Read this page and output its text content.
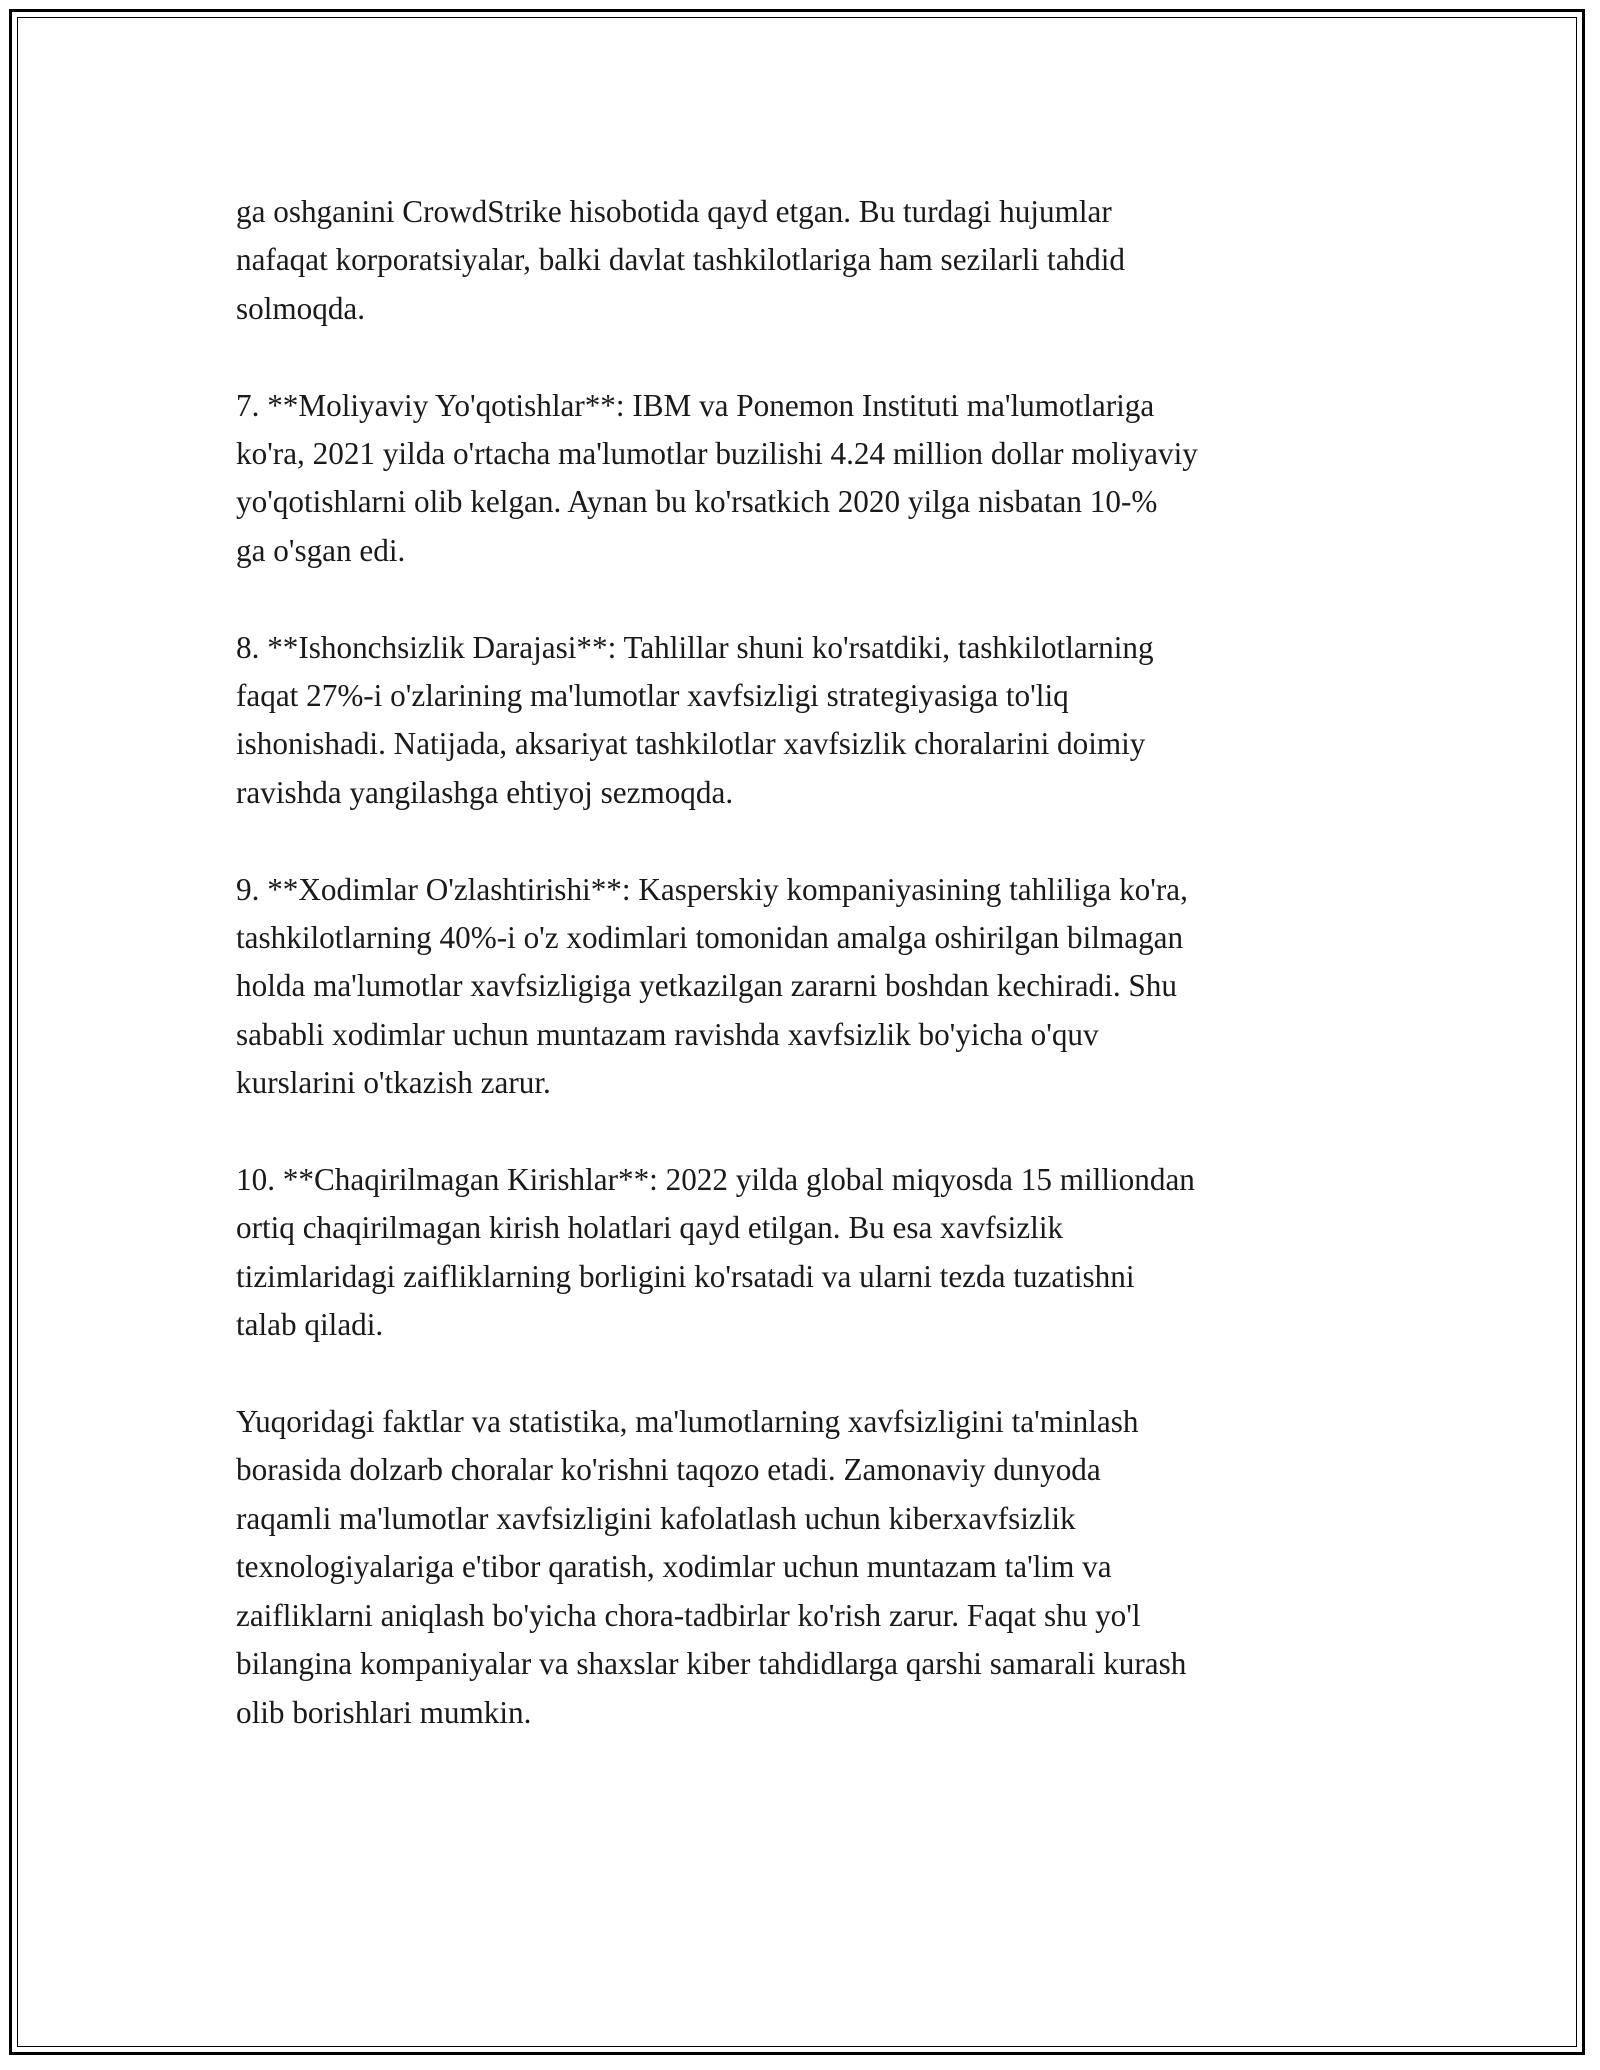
ga oshganini CrowdStrike hisobotida qayd etgan. Bu turdagi hujumlar
nafaqat korporatsiyalar, balki davlat tashkilotlariga ham sezilarli tahdid
solmoqda.

7. **Moliyaviy Yo'qotishlar**: IBM va Ponemon Instituti ma'lumotlariga
ko'ra, 2021 yilda o'rtacha ma'lumotlar buzilishi 4.24 million dollar moliyaviy
yo'qotishlarni olib kelgan. Aynan bu ko'rsatkich 2020 yilga nisbatan 10-%
ga o'sgan edi.

8. **Ishonchsizlik Darajasi**: Tahlillar shuni ko'rsatdiki, tashkilotlarning
faqat 27%-i o'zlarining ma'lumotlar xavfsizligi strategiyasiga to'liq
ishonishadi. Natijada, aksariyat tashkilotlar xavfsizlik choralarini doimiy
ravishda yangilashga ehtiyoj sezmoqda.

9. **Xodimlar O'zlashtirishi**: Kasperskiy kompaniyasining tahliliga ko'ra,
tashkilotlarning 40%-i o'z xodimlari tomonidan amalga oshirilgan bilmagan
holda ma'lumotlar xavfsizligiga yetkazilgan zararni boshdan kechiradi. Shu
sababli xodimlar uchun muntazam ravishda xavfsizlik bo'yicha o'quv
kurslarini o'tkazish zarur.

10. **Chaqirilmagan Kirishlar**: 2022 yilda global miqyosda 15 milliondan
ortiq chaqirilmagan kirish holatlari qayd etilgan. Bu esa xavfsizlik
tizimlaridagi zaifliklarning borligini ko'rsatadi va ularni tezda tuzatishni
talab qiladi.

Yuqoridagi faktlar va statistika, ma'lumotlarning xavfsizligini ta'minlash
borasida dolzarb choralar ko'rishni taqozo etadi. Zamonaviy dunyoda
raqamli ma'lumotlar xavfsizligini kafolatlash uchun kiberxavfsizlik
texnologiyalariga e'tibor qaratish, xodimlar uchun muntazam ta'lim va
zaifliklarni aniqlash bo'yicha chora-tadbirlar ko'rish zarur. Faqat shu yo'l
bilangina kompaniyalar va shaxslar kiber tahdidlarga qarshi samarali kurash
olib borishlari mumkin.
